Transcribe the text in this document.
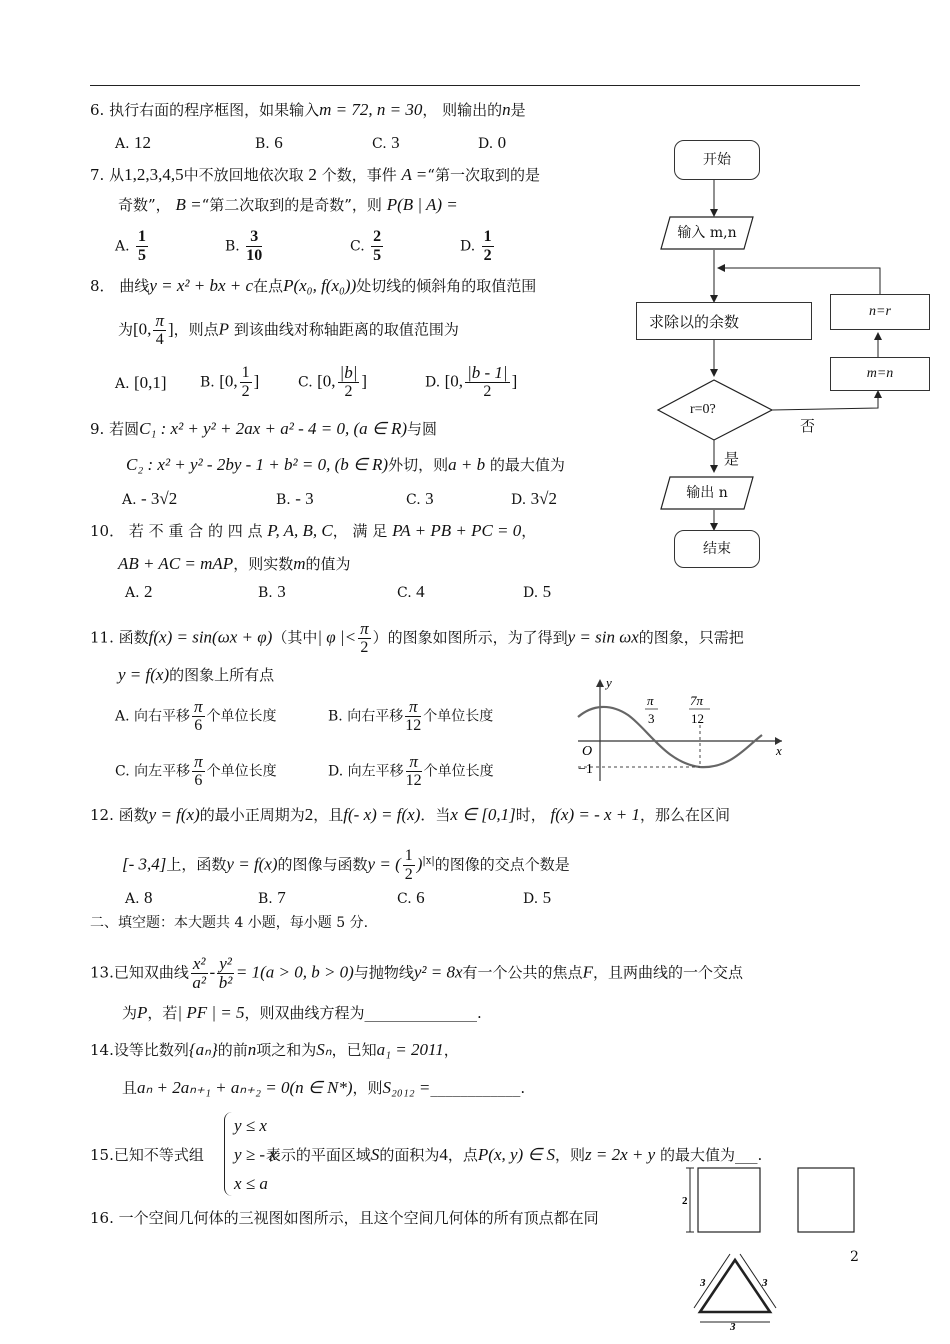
6. 执行右面的程序框图，如果输入m = 72, n = 30， 则输出的n是
A. 12	B. 6	C. 3	D. 0
7. 从1,2,3,4,5中不放回地依次取 2 个数，事件 A =“第一次取到的是
奇数”， B =“第二次取到的是奇数”，则 P(B | A) =
A. $\frac{1}{5}$	B. $\frac{3}{10}$	C. $\frac{2}{5}$	D. $\frac{1}{2}$
8． 曲线y = x² + bx + c在点P(x₀, f(x₀))处切线的倾斜角的取值范围
为[0, $\frac{\pi}{4}$ ]，则点P 到该曲线对称轴距离的取值范围为
A. [0,1] B. [0, $\frac{1}{2}$ ]	C. [0, $\frac{|b|}{2}$ ]	D. [0, $\frac{|b - 1|}{2}$ ]
9. 若圆C₁ : x² + y² + 2ax + a² - 4 = 0, (a ∈ R)与圆
C₂ : x² + y² - 2by - 1 + b² = 0, (b ∈ R)外切，则a + b 的最大值为
A. - 3√2	B. - 3	C. 3	D. 3√2
10． 若 不 重 合 的 四 点 P, A, B, C， 满 足 PA + PB + PC = 0，
AB + AC = mAP，则实数m的值为
A. 2	B. 3	C. 4	D. 5
11. 函数f(x) = sin(ωx + φ)（其中| φ |< $\frac{\pi}{2}$ ）的图象如图所示，为了得到y = sin ωx的图象，只需把
y = f(x)的图象上所有点
A. 向右平移 $\frac{\pi}{6}$ 个单位长度	B. 向右平移 $\frac{\pi}{12}$ 个单位长度
C. 向左平移 $\frac{\pi}{6}$ 个单位长度	D. 向左平移 $\frac{\pi}{12}$ 个单位长度
y
x
O
−1
π
3
7π
12
12. 函数y = f(x)的最小正周期为2，且f(- x) = f(x)．当x ∈ [0,1]时， f(x) = - x + 1，那么在区间
[- 3,4]上，函数y = f(x)的图像与函数y = ( $\frac{1}{2} )^{|x|}$的图像的交点个数是
A. 8	B. 7	C. 6	D. 5
二、填空题：本大题共 4 小题，每小题 5 分.
13.已知双曲线 $\frac{\text{x²}}{\text{a²}} - \frac{\text{y²}}{\text{b²}} = 1(a > 0$, b > 0)与抛物线y² = 8x有一个公共的焦点F，且两曲线的一个交点
为P，若| PF | = 5，则双曲线方程为_______________.
14.设等比数列{aₙ}的前n项之和为Sₙ，已知a₁ = 2011，
且aₙ + 2aₙ₊₁ + aₙ₊₂ = 0(n ∈ N*)，则S₂₀₁₂ =____________.
15.已知不等式组	表示的平面区域S的面积为4，点P(x, y) ∈ S，则z = 2x + y 的最大值为___.
y ≤ x
y ≥ - x
x ≤ a
16. 一个空间几何体的三视图如图所示，且这个空间几何体的所有顶点都在同
2
3	3
3
开始
输入 m,n
求除以的余数
r=0?
是
否
输出 n
结束
n=r
m=n
2
